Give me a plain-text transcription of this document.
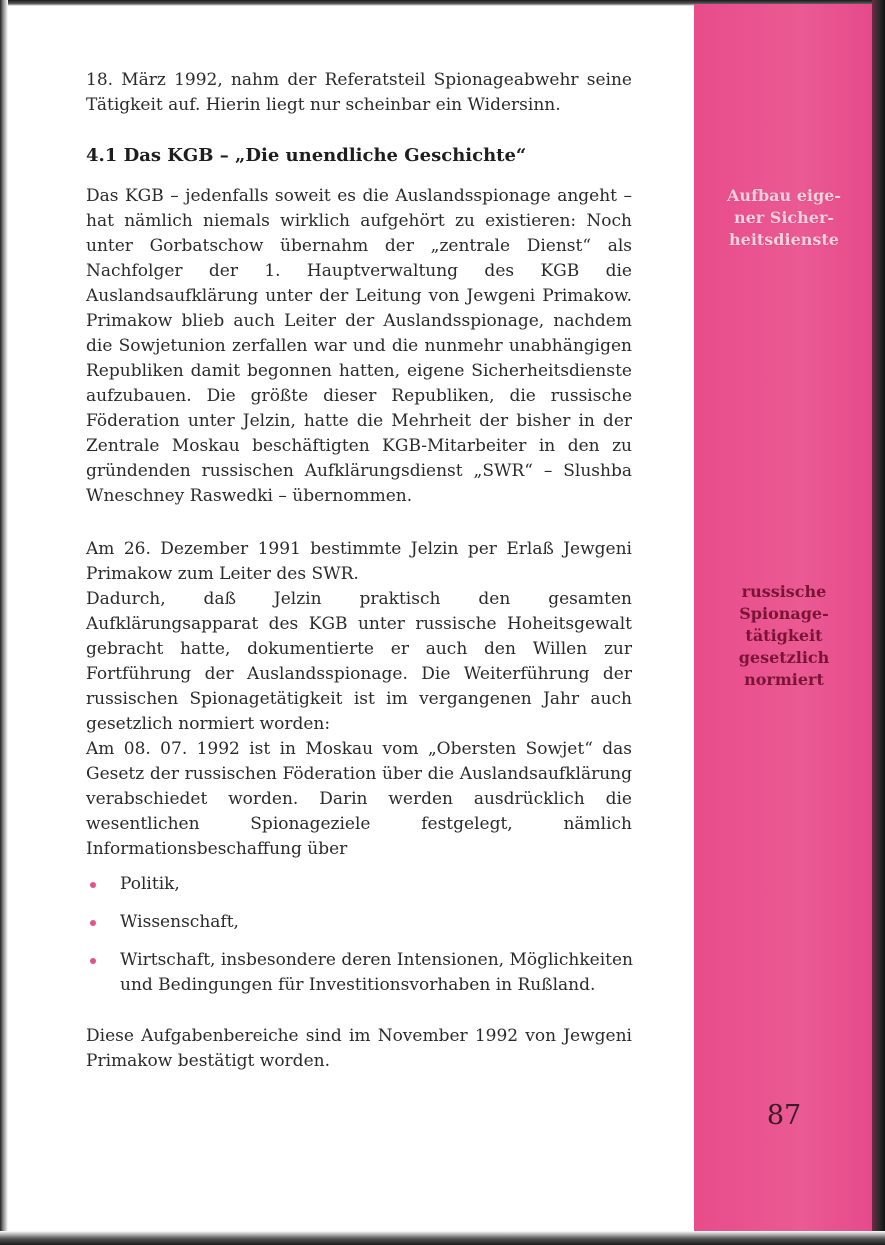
18. März 1992, nahm der Referatsteil Spionageabwehr seine Tätigkeit auf. Hierin liegt nur scheinbar ein Widersinn.
4.1 Das KGB – „Die unendliche Geschichte“
Das KGB – jedenfalls soweit es die Auslandsspionage angeht – hat nämlich niemals wirklich aufgehört zu existieren: Noch unter Gorbatschow übernahm der „zentrale Dienst“ als Nachfolger der 1. Hauptverwaltung des KGB die Auslandsaufklärung unter der Leitung von Jewgeni Primakow. Primakow blieb auch Leiter der Auslandsspionage, nachdem die Sowjetunion zerfallen war und die nunmehr unabhängigen Republiken damit begonnen hatten, eigene Sicherheitsdienste aufzubauen. Die größte dieser Republiken, die russische Föderation unter Jelzin, hatte die Mehrheit der bisher in der Zentrale Moskau beschäftigten KGB-Mitarbeiter in den zu gründenden russischen Aufklärungsdienst „SWR“ – Slushba Wneschney Raswedki – übernommen.
Am 26. Dezember 1991 bestimmte Jelzin per Erlaß Jewgeni Primakow zum Leiter des SWR.
Dadurch, daß Jelzin praktisch den gesamten Aufklärungsapparat des KGB unter russische Hoheitsgewalt gebracht hatte, dokumentierte er auch den Willen zur Fortführung der Auslandsspionage. Die Weiterführung der russischen Spionagetätigkeit ist im vergangenen Jahr auch gesetzlich normiert worden:
Am 08. 07. 1992 ist in Moskau vom „Obersten Sowjet“ das Gesetz der russischen Föderation über die Auslandsaufklärung verabschiedet worden. Darin werden ausdrücklich die wesentlichen Spionageziele festgelegt, nämlich Informationsbeschaffung über
Politik,
Wissenschaft,
Wirtschaft, insbesondere deren Intensionen, Möglichkeiten und Bedingungen für Investitionsvorhaben in Rußland.
Diese Aufgabenbereiche sind im November 1992 von Jewgeni Primakow bestätigt worden.
Aufbau eige-
ner Sicher-
heitsdienste
russische
Spionage-
tätigkeit
gesetzlich
normiert
87
